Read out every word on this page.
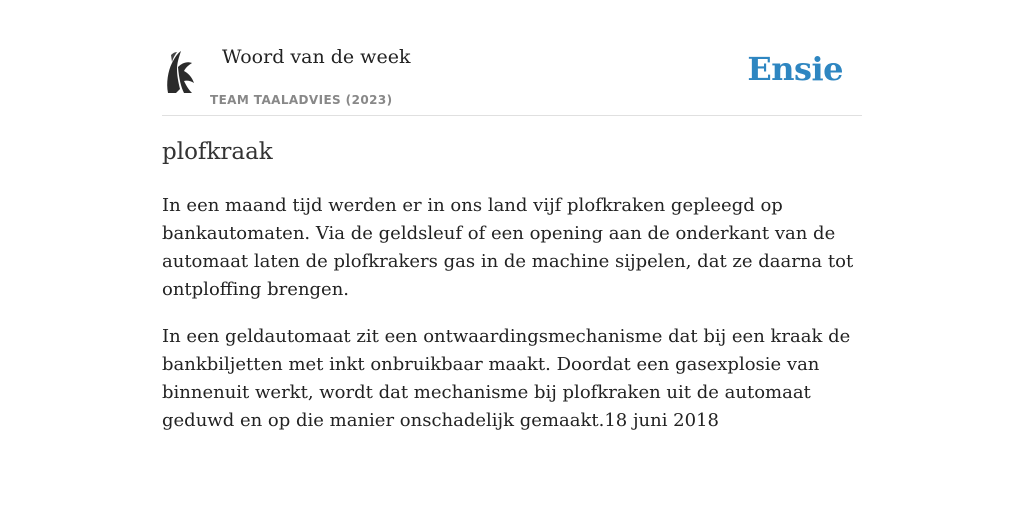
Woord van de week
TEAM TAALADVIES (2023)
Ensie
plofkraak

In een maand tijd werden er in ons land vijf plofkraken gepleegd op bankautomaten. Via de geldsleuf of een opening aan de onderkant van de automaat laten de plofkrakers gas in de machine sijpelen, dat ze daarna tot ontploffing brengen.

In een geldautomaat zit een ontwaardingsmechanisme dat bij een kraak de bankbiljetten met inkt onbruikbaar maakt. Doordat een gasexplosie van binnenuit werkt, wordt dat mechanisme bij plofkraken uit de automaat geduwd en op die manier onschadelijk gemaakt.18 juni 2018
